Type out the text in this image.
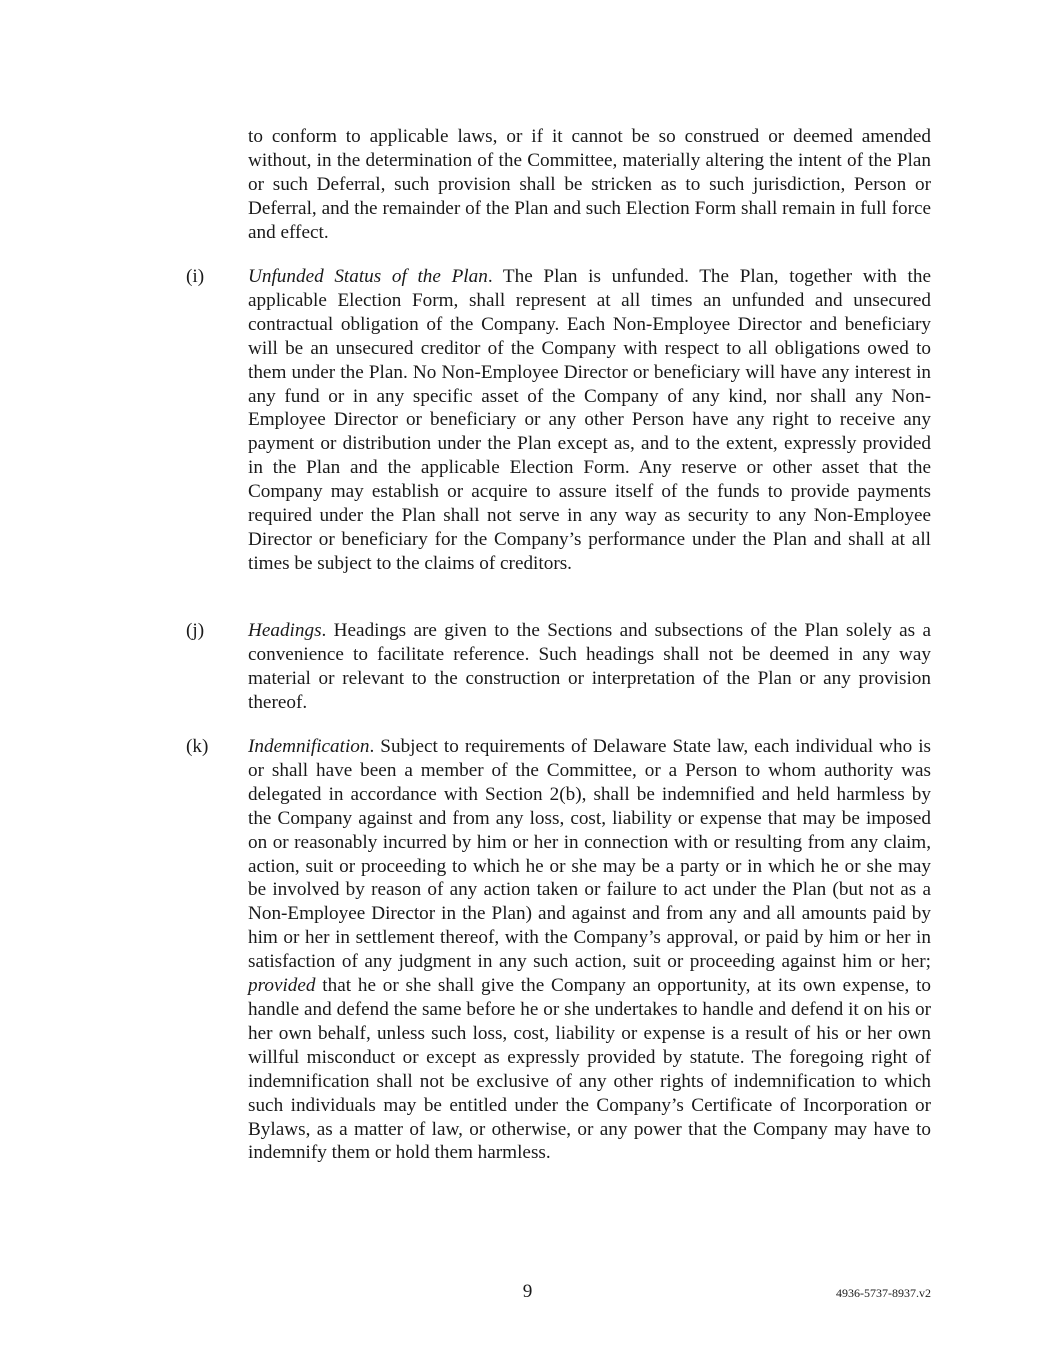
to conform to applicable laws, or if it cannot be so construed or deemed amended without, in the determination of the Committee, materially altering the intent of the Plan or such Deferral, such provision shall be stricken as to such jurisdiction, Person or Deferral, and the remainder of the Plan and such Election Form shall remain in full force and effect.

(i) Unfunded Status of the Plan. The Plan is unfunded. The Plan, together with the applicable Election Form, shall represent at all times an unfunded and unsecured contractual obligation of the Company. Each Non-Employee Director and beneficiary will be an unsecured creditor of the Company with respect to all obligations owed to them under the Plan. No Non-Employee Director or beneficiary will have any interest in any fund or in any specific asset of the Company of any kind, nor shall any Non-Employee Director or beneficiary or any other Person have any right to receive any payment or distribution under the Plan except as, and to the extent, expressly provided in the Plan and the applicable Election Form. Any reserve or other asset that the Company may establish or acquire to assure itself of the funds to provide payments required under the Plan shall not serve in any way as security to any Non-Employee Director or beneficiary for the Company’s performance under the Plan and shall at all times be subject to the claims of creditors.

(j) Headings. Headings are given to the Sections and subsections of the Plan solely as a convenience to facilitate reference. Such headings shall not be deemed in any way material or relevant to the construction or interpretation of the Plan or any provision thereof.

(k) Indemnification. Subject to requirements of Delaware State law, each individual who is or shall have been a member of the Committee, or a Person to whom authority was delegated in accordance with Section 2(b), shall be indemnified and held harmless by the Company against and from any loss, cost, liability or expense that may be imposed on or reasonably incurred by him or her in connection with or resulting from any claim, action, suit or proceeding to which he or she may be a party or in which he or she may be involved by reason of any action taken or failure to act under the Plan (but not as a Non-Employee Director in the Plan) and against and from any and all amounts paid by him or her in settlement thereof, with the Company’s approval, or paid by him or her in satisfaction of any judgment in any such action, suit or proceeding against him or her; provided that he or she shall give the Company an opportunity, at its own expense, to handle and defend the same before he or she undertakes to handle and defend it on his or her own behalf, unless such loss, cost, liability or expense is a result of his or her own willful misconduct or except as expressly provided by statute. The foregoing right of indemnification shall not be exclusive of any other rights of indemnification to which such individuals may be entitled under the Company’s Certificate of Incorporation or Bylaws, as a matter of law, or otherwise, or any power that the Company may have to indemnify them or hold them harmless.

9	4936-5737-8937.v2
